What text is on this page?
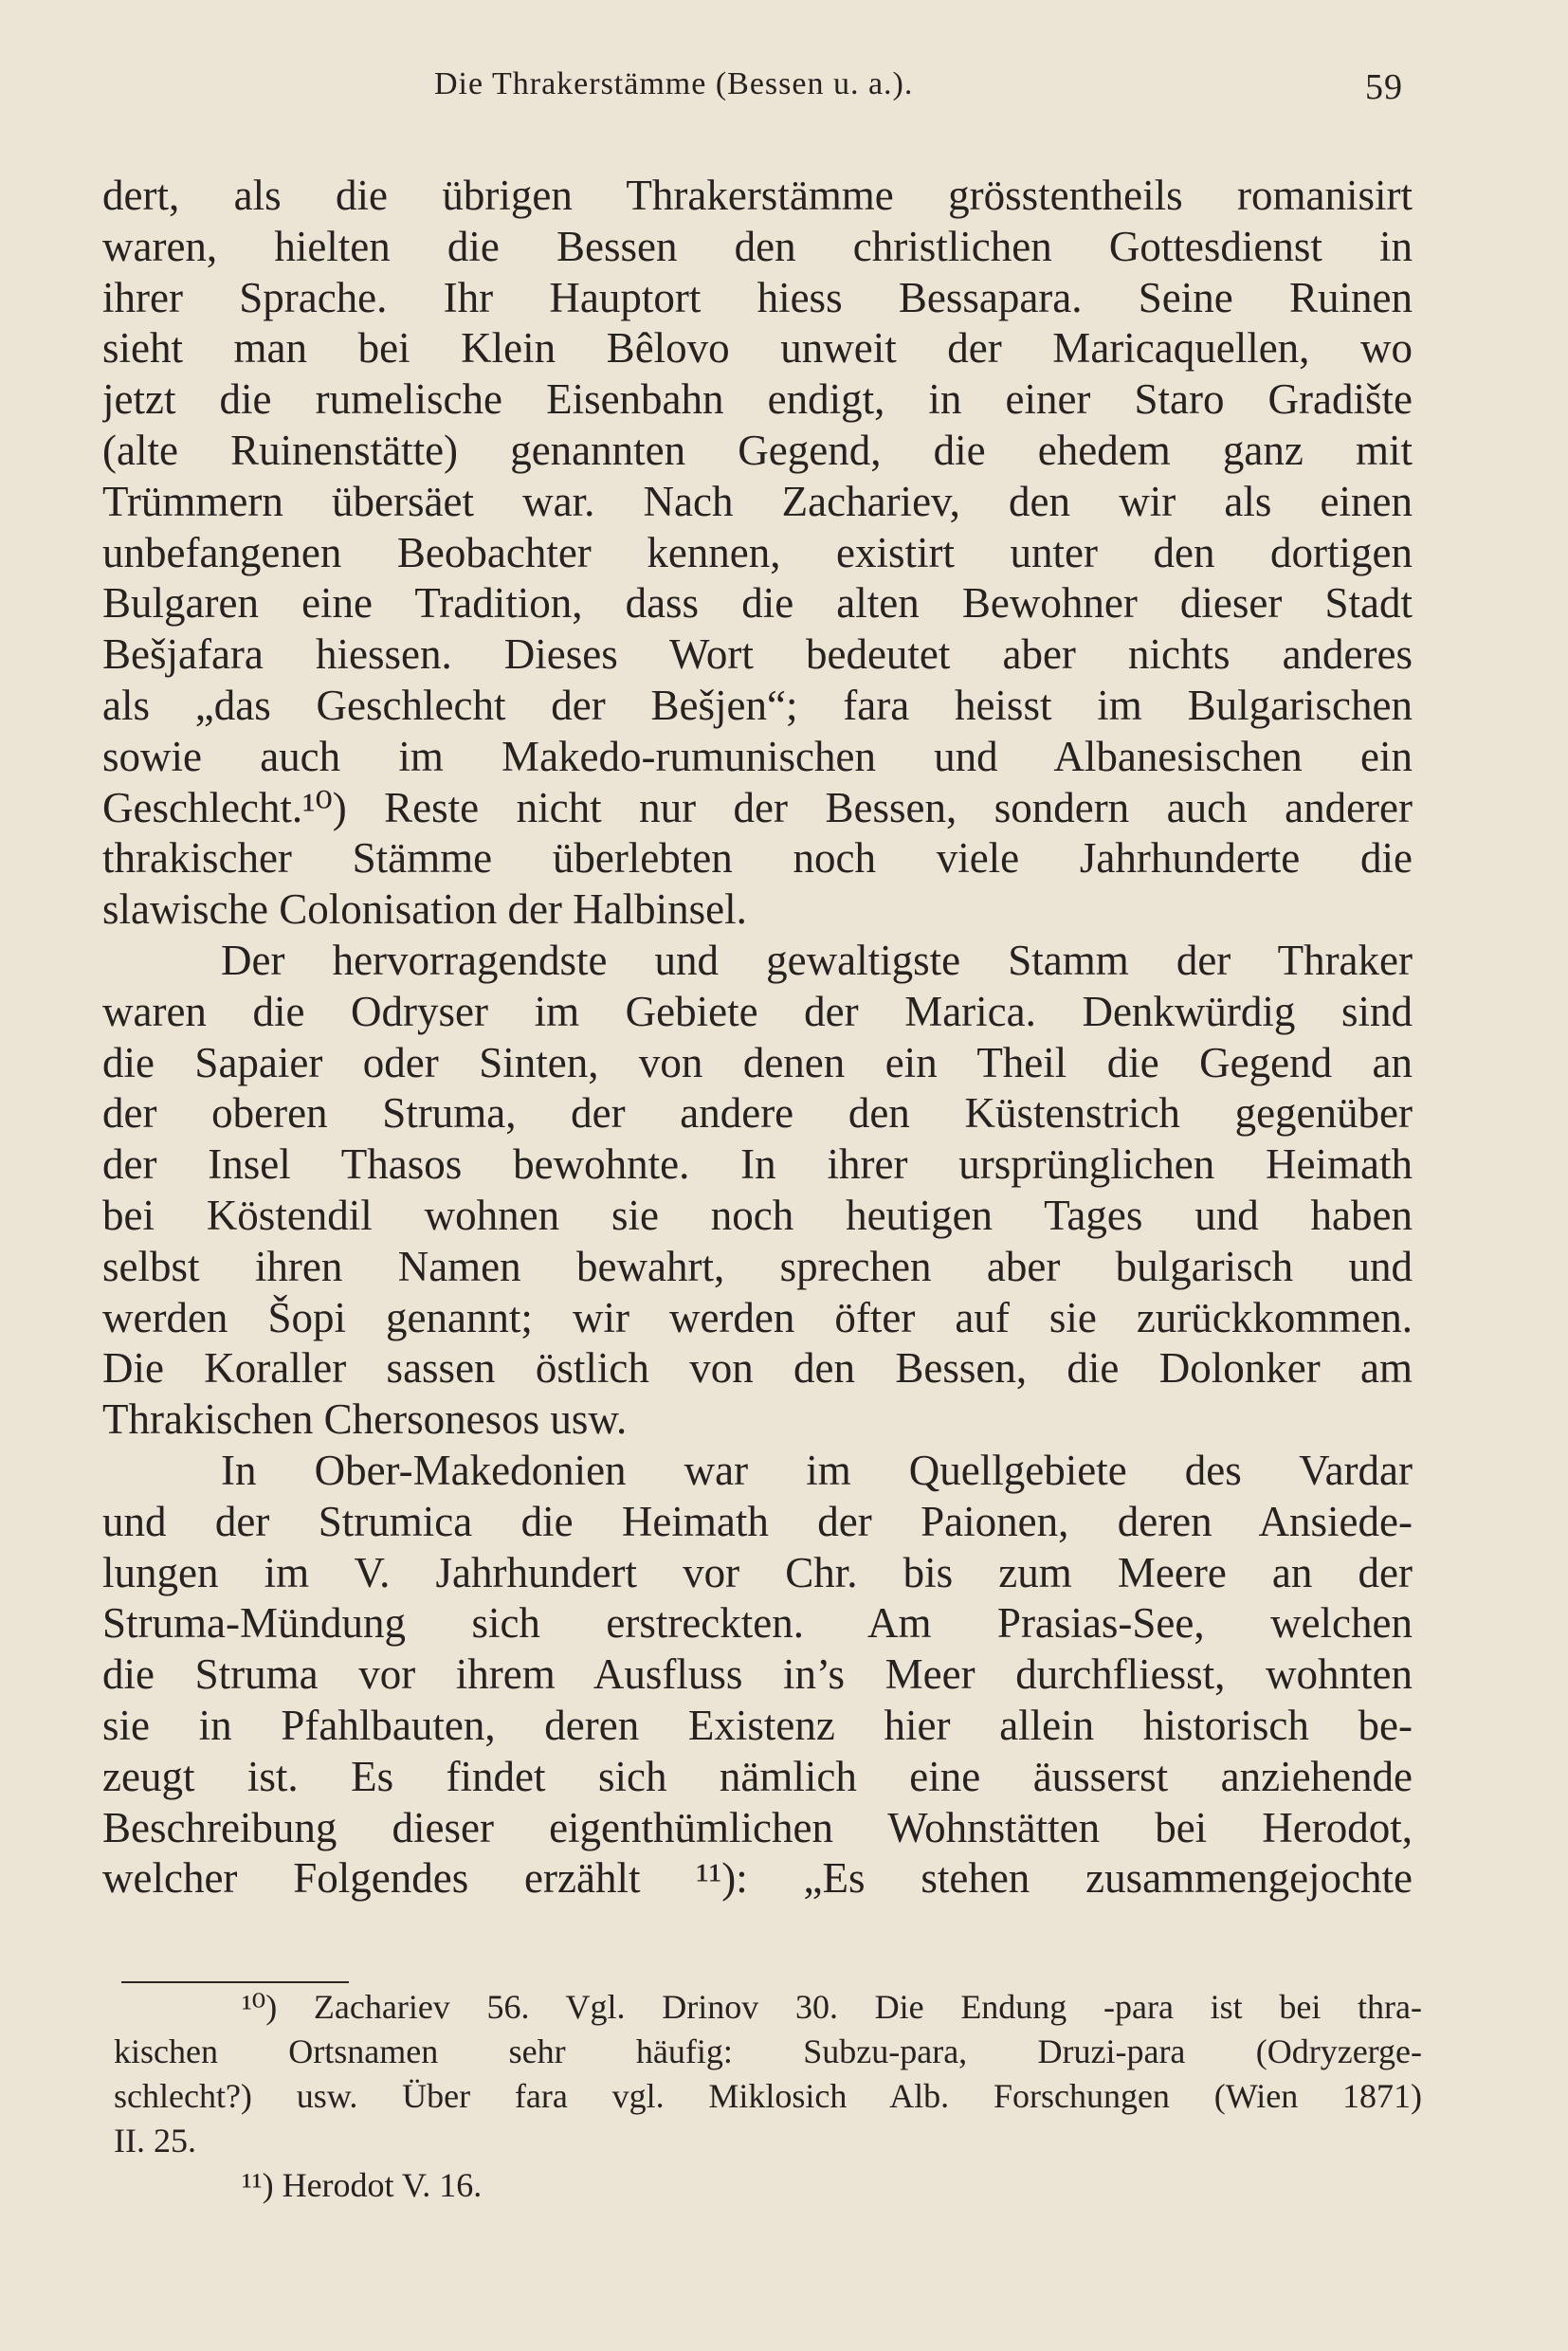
Die Thrakerstämme (Bessen u. a.).	59
dert, als die übrigen Thrakerstämme grösstentheils romanisirt
waren, hielten die Bessen den christlichen Gottesdienst in
ihrer Sprache. Ihr Hauptort hiess Bessapara. Seine Ruinen
sieht man bei Klein Bêlovo unweit der Maricaquellen, wo
jetzt die rumelische Eisenbahn endigt, in einer Staro Gradište
(alte Ruinenstätte) genannten Gegend, die ehedem ganz mit
Trümmern übersäet war. Nach Zachariev, den wir als einen
unbefangenen Beobachter kennen, existirt unter den dortigen
Bulgaren eine Tradition, dass die alten Bewohner dieser Stadt
Bešjafara hiessen. Dieses Wort bedeutet aber nichts anderes
als „das Geschlecht der Bešjen“; fara heisst im Bulgarischen
sowie auch im Makedo-rumunischen und Albanesischen ein
Geschlecht.¹⁰) Reste nicht nur der Bessen, sondern auch anderer
thrakischer Stämme überlebten noch viele Jahrhunderte die
slawische Colonisation der Halbinsel.
Der hervorragendste und gewaltigste Stamm der Thraker
waren die Odryser im Gebiete der Marica. Denkwürdig sind
die Sapaier oder Sinten, von denen ein Theil die Gegend an
der oberen Struma, der andere den Küstenstrich gegenüber
der Insel Thasos bewohnte. In ihrer ursprünglichen Heimath
bei Köstendil wohnen sie noch heutigen Tages und haben
selbst ihren Namen bewahrt, sprechen aber bulgarisch und
werden Šopi genannt; wir werden öfter auf sie zurückkommen.
Die Koraller sassen östlich von den Bessen, die Dolonker am
Thrakischen Chersonesos usw.
In Ober-Makedonien war im Quellgebiete des Vardar
und der Strumica die Heimath der Paionen, deren Ansiede-
lungen im V. Jahrhundert vor Chr. bis zum Meere an der
Struma-Mündung sich erstreckten. Am Prasias-See, welchen
die Struma vor ihrem Ausfluss in’s Meer durchfliesst, wohnten
sie in Pfahlbauten, deren Existenz hier allein historisch be-
zeugt ist. Es findet sich nämlich eine äusserst anziehende
Beschreibung dieser eigenthümlichen Wohnstätten bei Herodot,
welcher Folgendes erzählt ¹¹): „Es stehen zusammengejochte
¹⁰) Zachariev 56. Vgl. Drinov 30. Die Endung -para ist bei thra-
kischen Ortsnamen sehr häufig: Subzu-para, Druzi-para (Odryzerge-
schlecht?) usw. Über fara vgl. Miklosich Alb. Forschungen (Wien 1871)
II. 25.
¹¹) Herodot V. 16.
